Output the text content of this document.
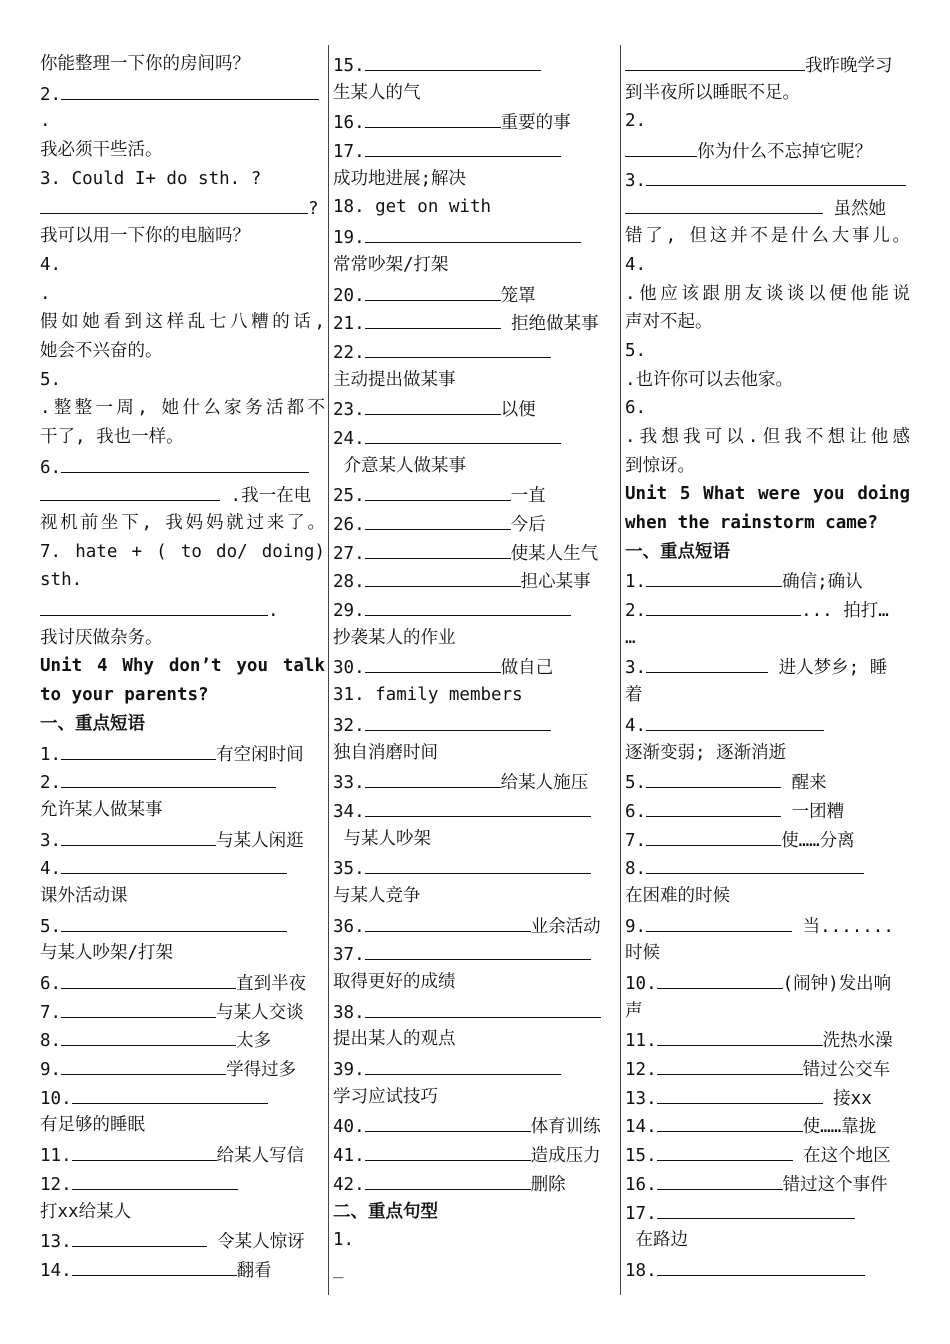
你能整理一下你的房间吗？
2.
.
我必须干些活。
3. Could I+ do sth. ?
?
我可以用一下你的电脑吗？
4.
.
假如她看到这样乱七八糟的话,
她会不兴奋的。
5.
.整整一周, 她什么家务活都不
干了, 我也一样。
6.
.我一在电
视机前坐下, 我妈妈就过来了。
7. hate + ( to do/ doing)
sth.
.
我讨厌做杂务。
Unit 4 Why don’t you talk
to your parents?
一、重点短语
1.	有空闲时间
2.
允许某人做某事
3.	与某人闲逛
4.
课外活动课
5.
与某人吵架/打架
6.	直到半夜
7.	与某人交谈
8.	太多
9.	学得过多
10.
有足够的睡眠
11.	给某人写信
12.
打xx给某人
13.	令某人惊讶
14.	翻看
15.
生某人的气
16.	重要的事
17.
成功地进展;解决
18. get on with
19.
常常吵架/打架
20.	笼罩
21.	拒绝做某事
22.
主动提出做某事
23.	以便
24.
介意某人做某事
25.	一直
26.	今后
27.	使某人生气
28.	担心某事
29.
抄袭某人的作业
30.	做自己
31. family members
32.
独自消磨时间
33.	给某人施压
34.
与某人吵架
35.
与某人竞争
36.	业余活动
37.
取得更好的成绩
38.
提出某人的观点
39.
学习应试技巧
40.	体育训练
41.	造成压力
42.	删除
二、重点句型
1.
_
我昨晚学习
到半夜所以睡眠不足。
2.
你为什么不忘掉它呢？
3.
虽然她
错了, 但这并不是什么大事儿。
4.
.他应该跟朋友谈谈以便他能说
声对不起。
5.
.也许你可以去他家。
6.
.我想我可以.但我不想让他感
到惊讶。
Unit 5 What were you doing
when the rainstorm came?
一、重点短语
1.	确信;确认
2.	... 拍打…
…
3.	进人梦乡; 睡
着
4.
逐渐变弱; 逐渐消逝
5.	醒来
6.	一团糟
7.	使……分离
8.
在困难的时候
9.	当.......
时候
10.	(闹钟)发出响
声
11.	洗热水澡
12.	错过公交车
13.	接xx
14.	使……靠拢
15.	在这个地区
16.	错过这个事件
17.
在路边
18.
